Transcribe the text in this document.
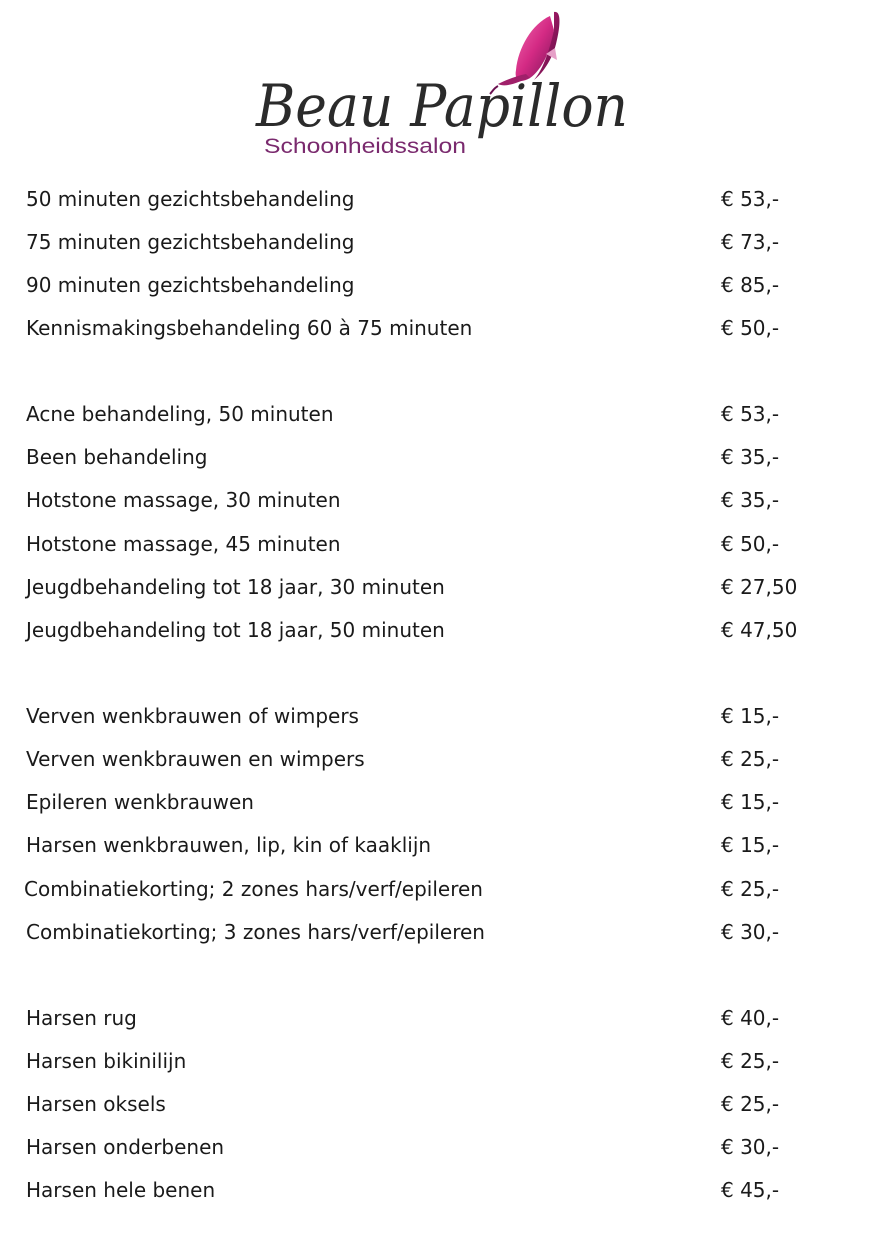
Beau Papillon
Schoonheidssalon
50 minuten gezichtsbehandeling	€ 53,-
75 minuten gezichtsbehandeling	€ 73,-
90 minuten gezichtsbehandeling	€ 85,-
Kennismakingsbehandeling 60 à 75 minuten	€ 50,-
Acne behandeling, 50 minuten	€ 53,-
Been behandeling	€ 35,-
Hotstone massage, 30 minuten	€ 35,-
Hotstone massage, 45 minuten	€ 50,-
Jeugdbehandeling tot 18 jaar, 30 minuten	€ 27,50
Jeugdbehandeling tot 18 jaar, 50 minuten	€ 47,50
Verven wenkbrauwen of wimpers	€ 15,-
Verven wenkbrauwen en wimpers	€ 25,-
Epileren wenkbrauwen	€ 15,-
Harsen wenkbrauwen, lip, kin of kaaklijn	€ 15,-
Combinatiekorting; 2 zones hars/verf/epileren	€ 25,-
Combinatiekorting; 3 zones hars/verf/epileren	€ 30,-
Harsen rug	€ 40,-
Harsen bikinilijn	€ 25,-
Harsen oksels	€ 25,-
Harsen onderbenen	€ 30,-
Harsen hele benen	€ 45,-
